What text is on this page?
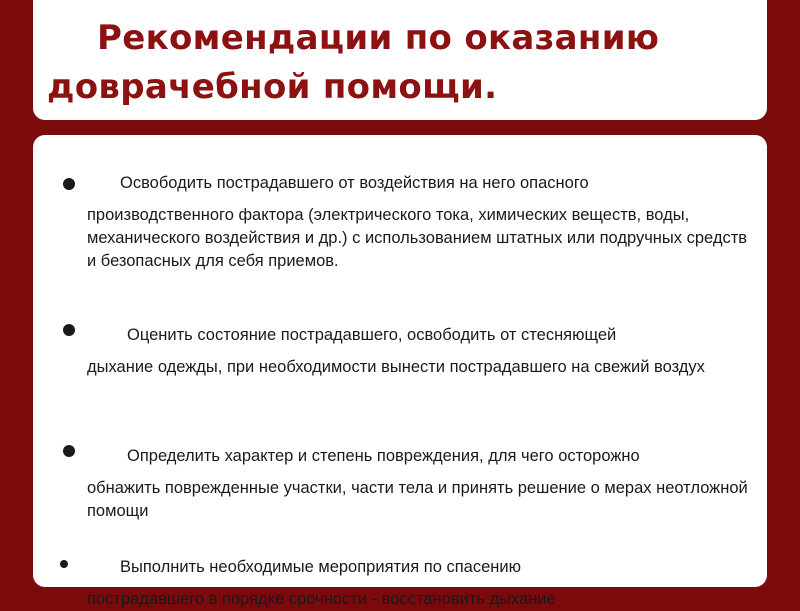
Рекомендации по оказанию доврачебной помощи.

Освободить пострадавшего от воздействия на него опасного
производственного фактора (электрического тока, химических веществ, воды, механического воздействия и др.) с использованием штатных или подручных средств и безопасных для себя приемов.

Оценить состояние пострадавшего, освободить от стесняющей
дыхание одежды, при необходимости вынести пострадавшего на свежий воздух

Определить характер и степень повреждения, для чего осторожно
обнажить поврежденные участки, части тела и принять решение о мерах неотложной помощи

Выполнить необходимые мероприятия по спасению
пострадавшего в порядке срочности - восстановить дыхание
